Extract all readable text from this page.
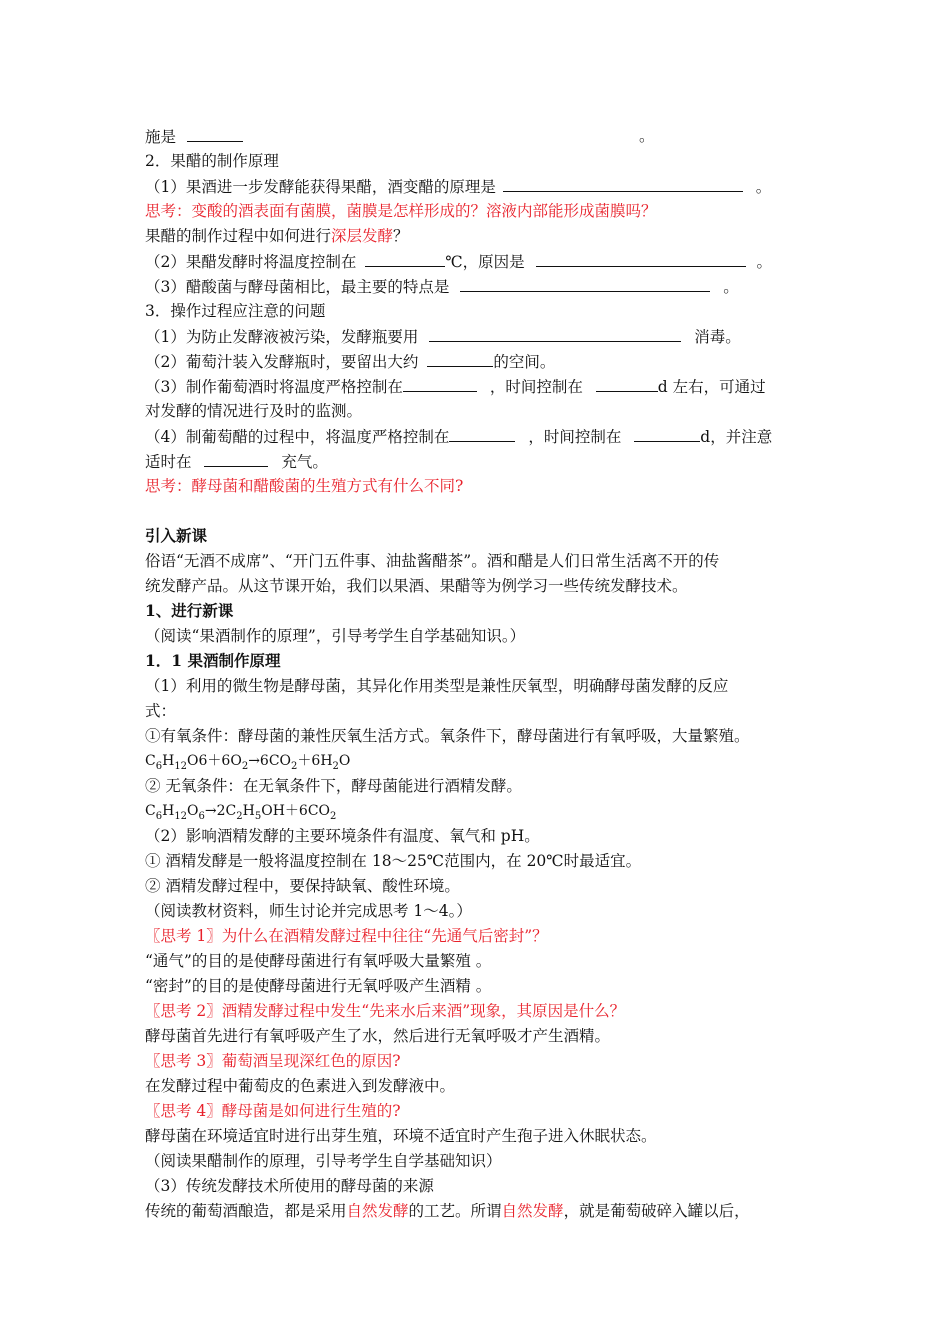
施是	。
2．果醋的制作原理
（1）果酒进一步发酵能获得果醋，酒变醋的原理是	。
思考：变酸的酒表面有菌膜，菌膜是怎样形成的？溶液内部能形成菌膜吗？
果醋的制作过程中如何进行深层发酵？
（2）果醋发酵时将温度控制在	℃，原因是	。
（3）醋酸菌与酵母菌相比，最主要的特点是	。
3．操作过程应注意的问题
（1）为防止发酵液被污染，发酵瓶要用	消毒。
（2）葡萄汁装入发酵瓶时，要留出大约	的空间。
（3）制作葡萄酒时将温度严格控制在	，时间控制在	d 左右，可通过
对发酵的情况进行及时的监测。
（4）制葡萄醋的过程中，将温度严格控制在	，时间控制在	d，并注意
适时在	充气。
思考：酵母菌和醋酸菌的生殖方式有什么不同?
引入新课
俗语“无酒不成席”、“开门五件事、油盐酱醋茶”。酒和醋是人们日常生活离不开的传
统发酵产品。从这节课开始，我们以果酒、果醋等为例学习一些传统发酵技术。
1、进行新课
（阅读“果酒制作的原理”，引导考学生自学基础知识。）
1．1 果酒制作原理
（1）利用的微生物是酵母菌，其异化作用类型是兼性厌氧型，明确酵母菌发酵的反应
式：
①有氧条件：酵母菌的兼性厌氧生活方式。氧条件下，酵母菌进行有氧呼吸，大量繁殖。
$C_6H_{12}O6+6O_2\to 6CO_2+6H_2O$
② 无氧条件：在无氧条件下，酵母菌能进行酒精发酵。
$C_6H_{12}O_6\to 2C_2H_5OH+6CO_2$
（2）影响酒精发酵的主要环境条件有温度、氧气和 pH。
① 酒精发酵是一般将温度控制在 18～25℃范围内，在 20℃时最适宜。
② 酒精发酵过程中，要保持缺氧、酸性环境。
（阅读教材资料，师生讨论并完成思考 1～4。）
〖思考 1〗为什么在酒精发酵过程中往往“先通气后密封”？
“通气”的目的是使酵母菌进行有氧呼吸大量繁殖 。
“密封”的目的是使酵母菌进行无氧呼吸产生酒精 。
〖思考 2〗酒精发酵过程中发生“先来水后来酒”现象，其原因是什么？
酵母菌首先进行有氧呼吸产生了水，然后进行无氧呼吸才产生酒精。
〖思考 3〗葡萄酒呈现深红色的原因?
在发酵过程中葡萄皮的色素进入到发酵液中。
〖思考 4〗酵母菌是如何进行生殖的?
酵母菌在环境适宜时进行出芽生殖，环境不适宜时产生孢子进入休眠状态。
（阅读果醋制作的原理，引导考学生自学基础知识）
（3）传统发酵技术所使用的酵母菌的来源
传统的葡萄酒酿造，都是采用自然发酵的工艺。所谓自然发酵，就是葡萄破碎入罐以后，
